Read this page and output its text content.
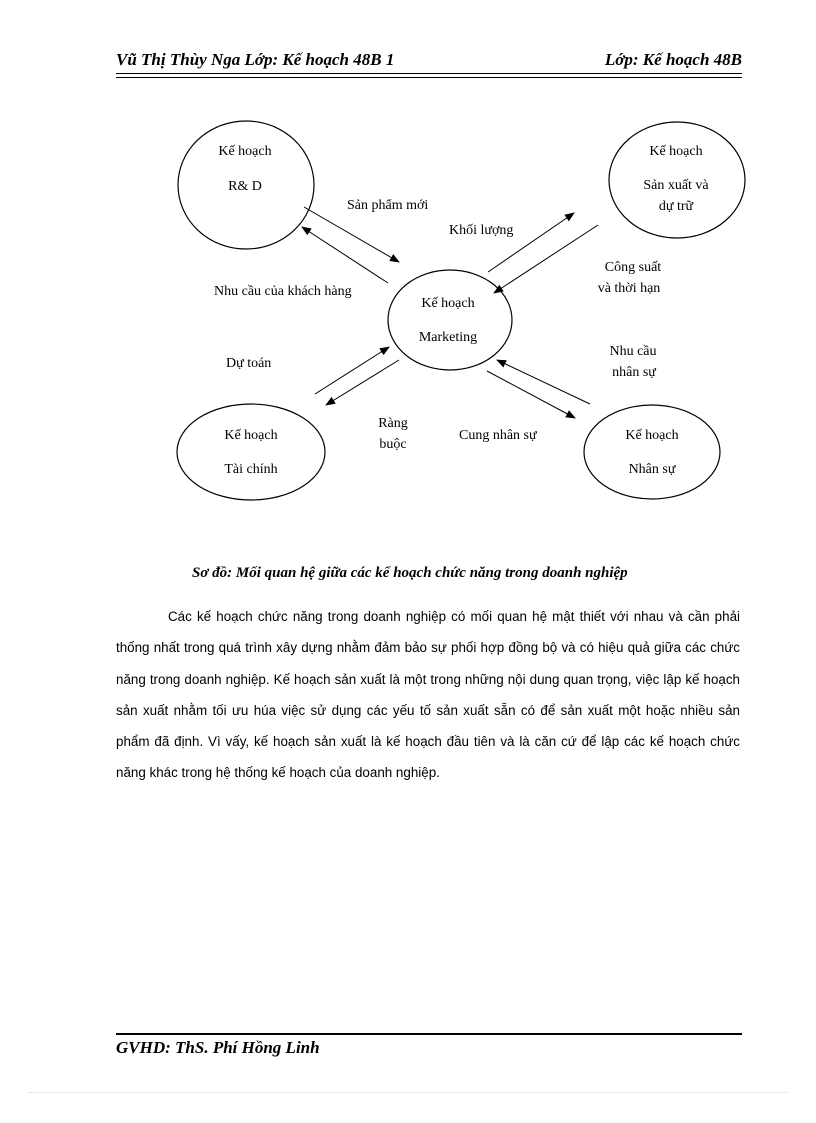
Vũ Thị Thùy Nga Lớp: Kế hoạch 48B 1	Lớp: Kế hoạch 48B
Kế hoạch
R& D
Kế hoạch
Sản xuất và
dự trữ
Kế hoạch
Marketing
Kế hoạch
Tài chính
Kế hoạch
Nhân sự
Sản phẩm mới
Nhu cầu của khách hàng
Khối lượng
Công suất
và thời hạn
Dự toán
Ràng
buộc
Nhu cầu
nhân sự
Cung nhân sự
Sơ đồ: Mối quan hệ giữa các kế hoạch chức năng trong doanh nghiệp

Các kế hoạch chức năng trong doanh nghiệp có mối quan hệ mật thiết với nhau và cần phải thống nhất trong quá trình xây dựng nhằm đảm bảo sự phối hợp đồng bộ và có hiệu quả giữa các chức năng trong doanh nghiệp. Kế hoạch sản xuất là một trong những nội dung quan trọng, việc lập kế hoạch sản xuất nhằm tối ưu húa việc sử dụng các yếu tố sản xuất sẵn có để sản xuất một hoặc nhiều sản phẩm đã định. Vì vấy, kế hoạch sản xuất là kế hoạch đầu tiên và là căn cứ để lập các kế hoạch chức năng khác trong hệ thống kế hoạch của doanh nghiệp.

GVHD: ThS. Phí Hồng Linh
